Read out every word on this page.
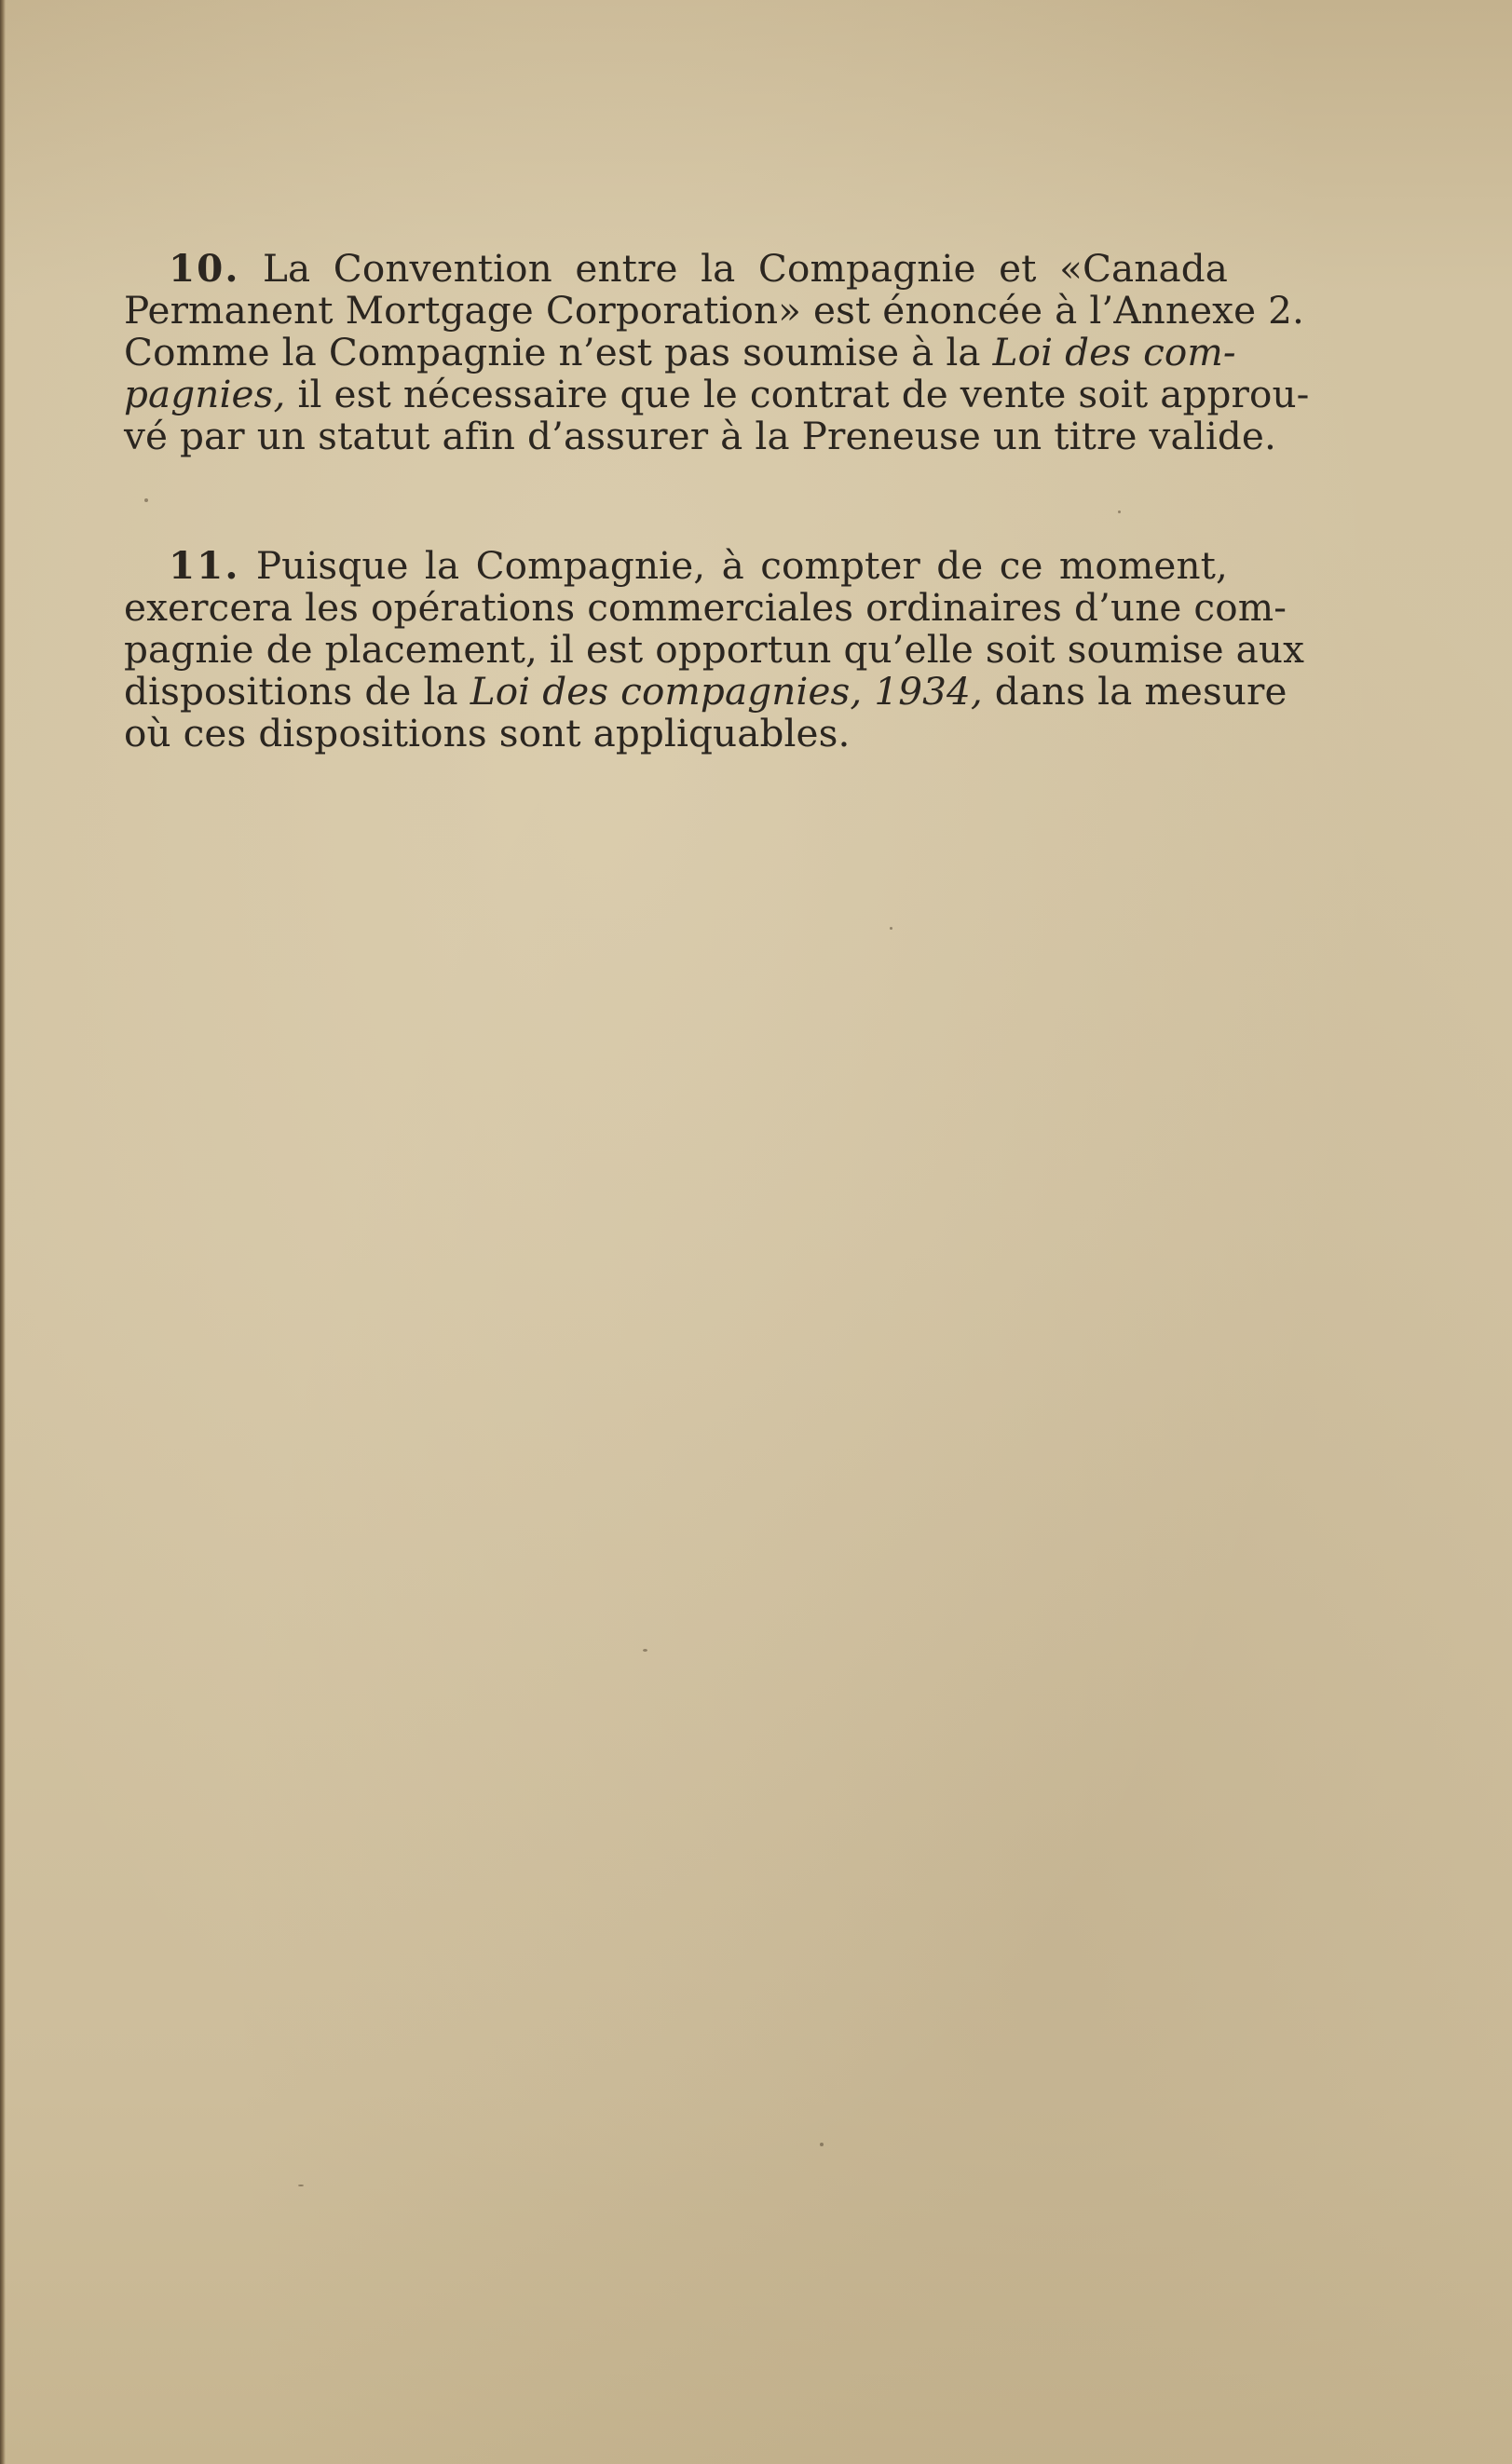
10. La Convention entre la Compagnie et «Canada
Permanent Mortgage Corporation» est énoncée à l’Annexe 2.
Comme la Compagnie n’est pas soumise à la Loi des com-
pagnies, il est nécessaire que le contrat de vente soit approu-
vé par un statut afin d’assurer à la Preneuse un titre valide.
11. Puisque la Compagnie, à compter de ce moment,
exercera les opérations commerciales ordinaires d’une com-
pagnie de placement, il est opportun qu’elle soit soumise aux
dispositions de la Loi des compagnies, 1934, dans la mesure
où ces dispositions sont appliquables.
